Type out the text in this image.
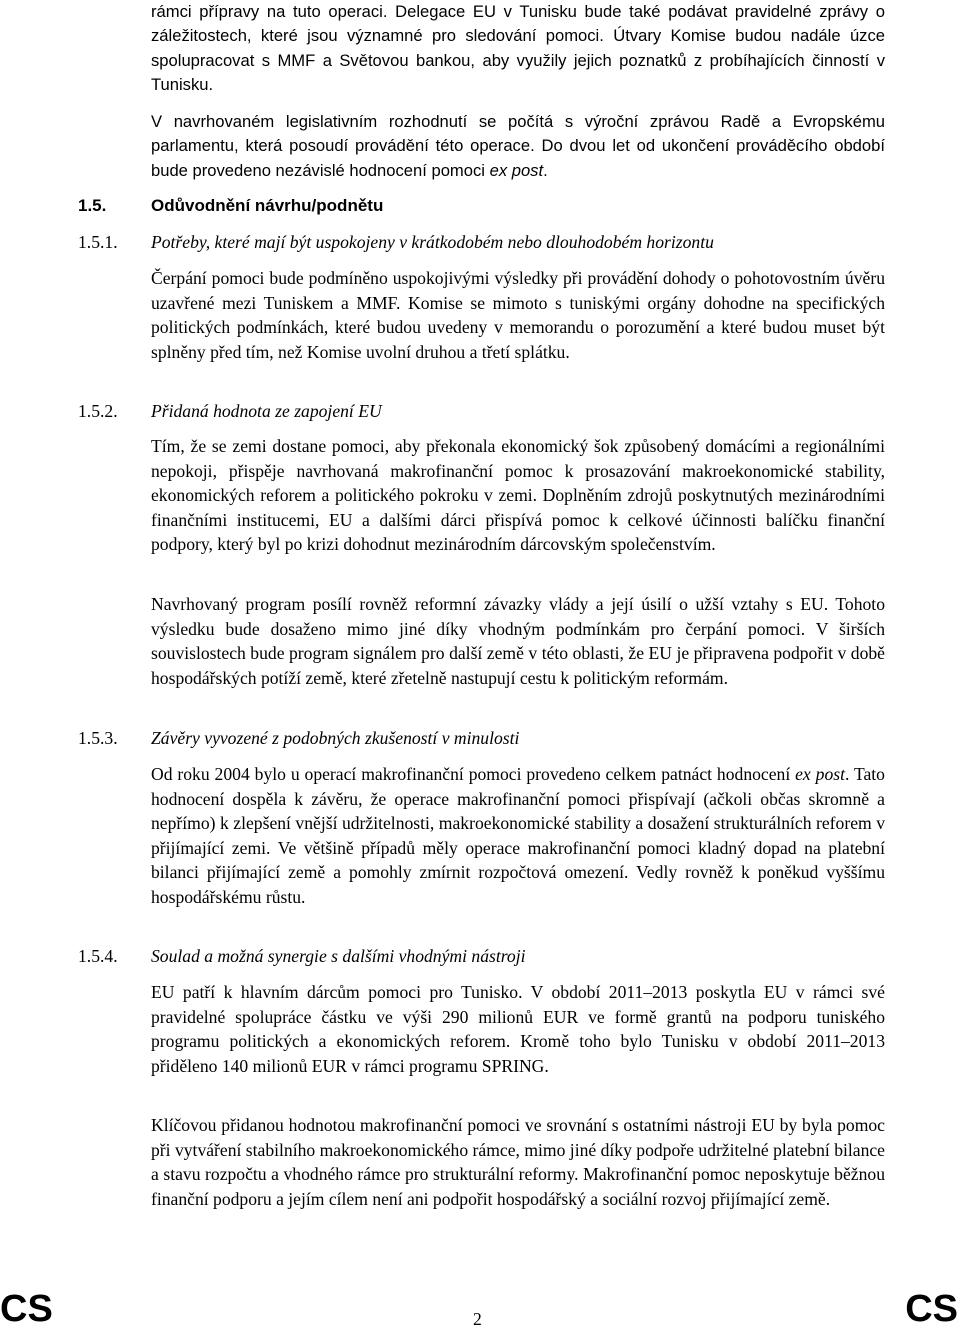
rámci přípravy na tuto operaci. Delegace EU v Tunisku bude také podávat pravidelné zprávy o záležitostech, které jsou významné pro sledování pomoci. Útvary Komise budou nadále úzce spolupracovat s MMF a Světovou bankou, aby využily jejich poznatků z probíhajících činností v Tunisku.

V navrhovaném legislativním rozhodnutí se počítá s výroční zprávou Radě a Evropskému parlamentu, která posoudí provádění této operace. Do dvou let od ukončení prováděcího období bude provedeno nezávislé hodnocení pomoci ex post.

1.5.	Odůvodnění návrhu/podnětu
1.5.1. Potřeby, které mají být uspokojeny v krátkodobém nebo dlouhodobém horizontu

Čerpání pomoci bude podmíněno uspokojivými výsledky při provádění dohody o pohotovostním úvěru uzavřené mezi Tuniskem a MMF. Komise se mimoto s tuniskými orgány dohodne na specifických politických podmínkách, které budou uvedeny v memorandu o porozumění a které budou muset být splněny před tím, než Komise uvolní druhou a třetí splátku.

1.5.2. Přidaná hodnota ze zapojení EU

Tím, že se zemi dostane pomoci, aby překonala ekonomický šok způsobený domácími a regionálními nepokoji, přispěje navrhovaná makrofinanční pomoc k prosazování makroekonomické stability, ekonomických reforem a politického pokroku v zemi. Doplněním zdrojů poskytnutých mezinárodními finančními institucemi, EU a dalšími dárci přispívá pomoc k celkové účinnosti balíčku finanční podpory, který byl po krizi dohodnut mezinárodním dárcovským společenstvím.

Navrhovaný program posílí rovněž reformní závazky vlády a její úsilí o užší vztahy s EU. Tohoto výsledku bude dosaženo mimo jiné díky vhodným podmínkám pro čerpání pomoci. V širších souvislostech bude program signálem pro další země v této oblasti, že EU je připravena podpořit v době hospodářských potíží země, které zřetelně nastupují cestu k politickým reformám.

1.5.3. Závěry vyvozené z podobných zkušeností v minulosti

Od roku 2004 bylo u operací makrofinanční pomoci provedeno celkem patnáct hodnocení ex post. Tato hodnocení dospěla k závěru, že operace makrofinanční pomoci přispívají (ačkoli občas skromně a nepřímo) k zlepšení vnější udržitelnosti, makroekonomické stability a dosažení strukturálních reforem v přijímající zemi. Ve většině případů měly operace makrofinanční pomoci kladný dopad na platební bilanci přijímající země a pomohly zmírnit rozpočtová omezení. Vedly rovněž k poněkud vyššímu hospodářskému růstu.

1.5.4. Soulad a možná synergie s dalšími vhodnými nástroji

EU patří k hlavním dárcům pomoci pro Tunisko. V období 2011–2013 poskytla EU v rámci své pravidelné spolupráce částku ve výši 290 milionů EUR ve formě grantů na podporu tuniského programu politických a ekonomických reforem. Kromě toho bylo Tunisku v období 2011–2013 přiděleno 140 milionů EUR v rámci programu SPRING.

Klíčovou přidanou hodnotou makrofinanční pomoci ve srovnání s ostatními nástroji EU by byla pomoc při vytváření stabilního makroekonomického rámce, mimo jiné díky podpoře udržitelné platební bilance a stavu rozpočtu a vhodného rámce pro strukturální reformy. Makrofinanční pomoc neposkytuje běžnou finanční podporu a jejím cílem není ani podpořit hospodářský a sociální rozvoj přijímající země.

CS	2	CS
